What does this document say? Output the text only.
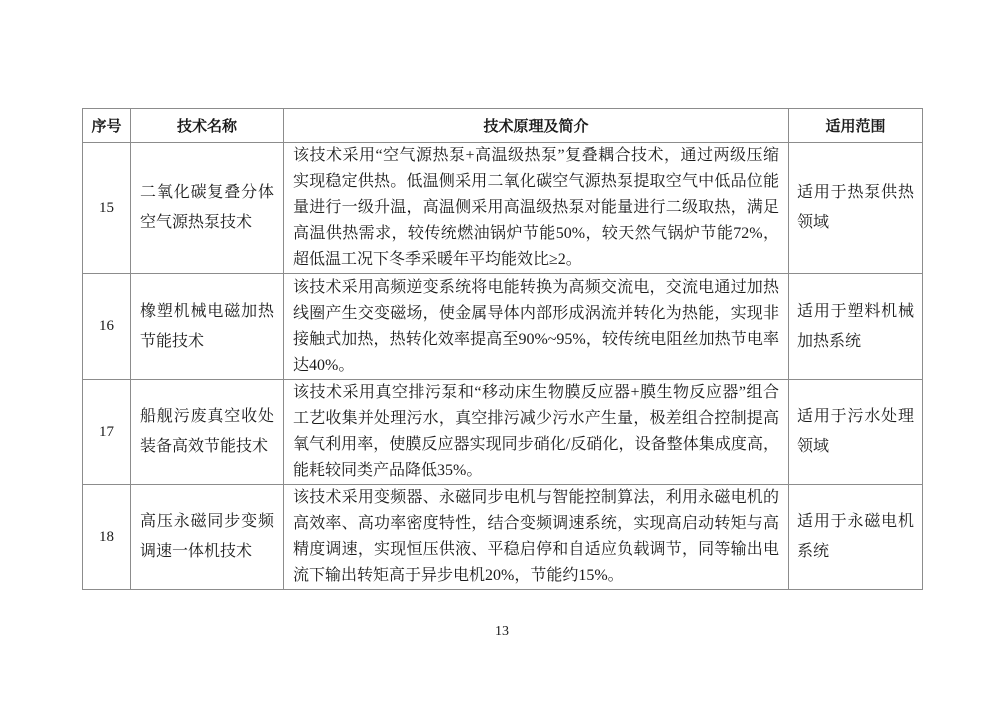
序号	技术名称	技术原理及简介	适用范围
15	二氧化碳复叠分体空气源热泵技术	该技术采用“空气源热泵+高温级热泵”复叠耦合技术，通过两级压缩实现稳定供热。低温侧采用二氧化碳空气源热泵提取空气中低品位能量进行一级升温，高温侧采用高温级热泵对能量进行二级取热，满足高温供热需求，较传统燃油锅炉节能50%，较天然气锅炉节能72%，超低温工况下冬季采暖年平均能效比≥2。	适用于热泵供热领域
16	橡塑机械电磁加热节能技术	该技术采用高频逆变系统将电能转换为高频交流电，交流电通过加热线圈产生交变磁场，使金属导体内部形成涡流并转化为热能，实现非接触式加热，热转化效率提高至90%~95%，较传统电阻丝加热节电率达40%。	适用于塑料机械加热系统
17	船舰污废真空收处装备高效节能技术	该技术采用真空排污泵和“移动床生物膜反应器+膜生物反应器”组合工艺收集并处理污水，真空排污减少污水产生量，极差组合控制提高氧气利用率，使膜反应器实现同步硝化/反硝化，设备整体集成度高，能耗较同类产品降低35%。	适用于污水处理领域
18	高压永磁同步变频调速一体机技术	该技术采用变频器、永磁同步电机与智能控制算法，利用永磁电机的高效率、高功率密度特性，结合变频调速系统，实现高启动转矩与高精度调速，实现恒压供液、平稳启停和自适应负载调节，同等输出电流下输出转矩高于异步电机20%，节能约15%。	适用于永磁电机系统
13
